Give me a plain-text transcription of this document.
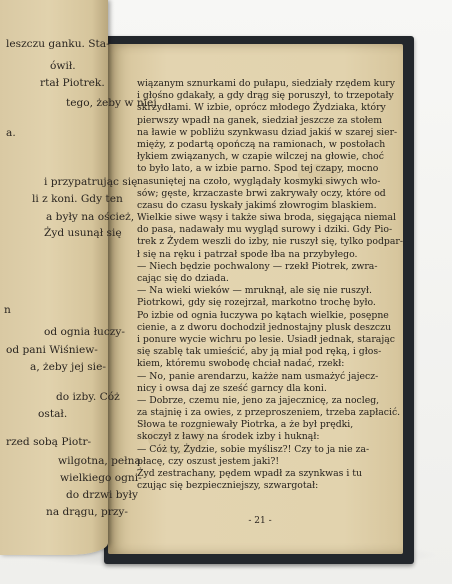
wiązanym sznurkami do pułapu, siedziały rzędem kury
i głośno gdakały, a gdy drąg się poruszył, to trzepotały
skrzydłami. W izbie, oprócz młodego Żydziaka, który
pierwszy wpadł na ganek, siedział jeszcze za stołem
na ławie w pobliżu szynkwasu dziad jakiś w szarej sier-
mięży, z podartą opończą na ramionach, w postołach
łykiem związanych, w czapie wilczej na głowie, choć
to było lato, a w izbie parno. Spod tej czapy, mocno
nasuniętej na czoło, wyglądały kosmyki siwych wło-
sów; gęste, krzaczaste brwi zakrywały oczy, które od
czasu do czasu łyskały jakimś złowrogim blaskiem.
Wielkie siwe wąsy i także siwa broda, sięgająca niemal
do pasa, nadawały mu wygląd surowy i dziki. Gdy Pio-
trek z Żydem weszli do izby, nie ruszył się, tylko podpar-
ł się na ręku i patrzał spode łba na przybyłego.
— Niech będzie pochwalony — rzekł Piotrek, zwra-
cając się do dziada.
— Na wieki wieków — mruknął, ale się nie ruszył.
Piotrkowi, gdy się rozejrzał, markotno trochę było.
Po izbie od ognia łuczywa po kątach wielkie, posępne
cienie, a z dworu dochodził jednostajny plusk deszczu
i ponure wycie wichru po lesie. Usiadł jednak, starając
się szablę tak umieścić, aby ją miał pod ręką, i głos-
kiem, któremu swobodę chciał nadać, rzekł:
— No, panie arendarzu, każże nam usmażyć jajecz-
nicy i owsa daj ze sześć garncy dla koni.
— Dobrze, czemu nie, jeno za jajecznicę, za nocleg,
za stajnię i za owies, z przeproszeniem, trzeba zapłacić.
Słowa te rozgniewały Piotrka, a że był prędki,
skoczył z ławy na środek izby i huknął:
— Cóż ty, Żydzie, sobie myślisz?! Czy to ja nie za-
płacę, czy oszust jestem jaki?!
Żyd zestrachany, pędem wpadł za szynkwas i tu
czując się bezpieczniejszy, szwargotał:
- 21 -
leszczu ganku. Sta-
ówił.
rtał Piotrek.
tego, żeby w niej
a.
i przypatrując się
li z koni. Gdy ten
a były na oścież,
Żyd usunął się
n
od ognia łuczy-
od pani Wiśniew-
a, żeby jej sie-
do izby. Cóż
ostał.
rzed sobą Piotr-
wilgotna, pełna
wielkiego ogni-
do drzwi były
na drągu, przy-
